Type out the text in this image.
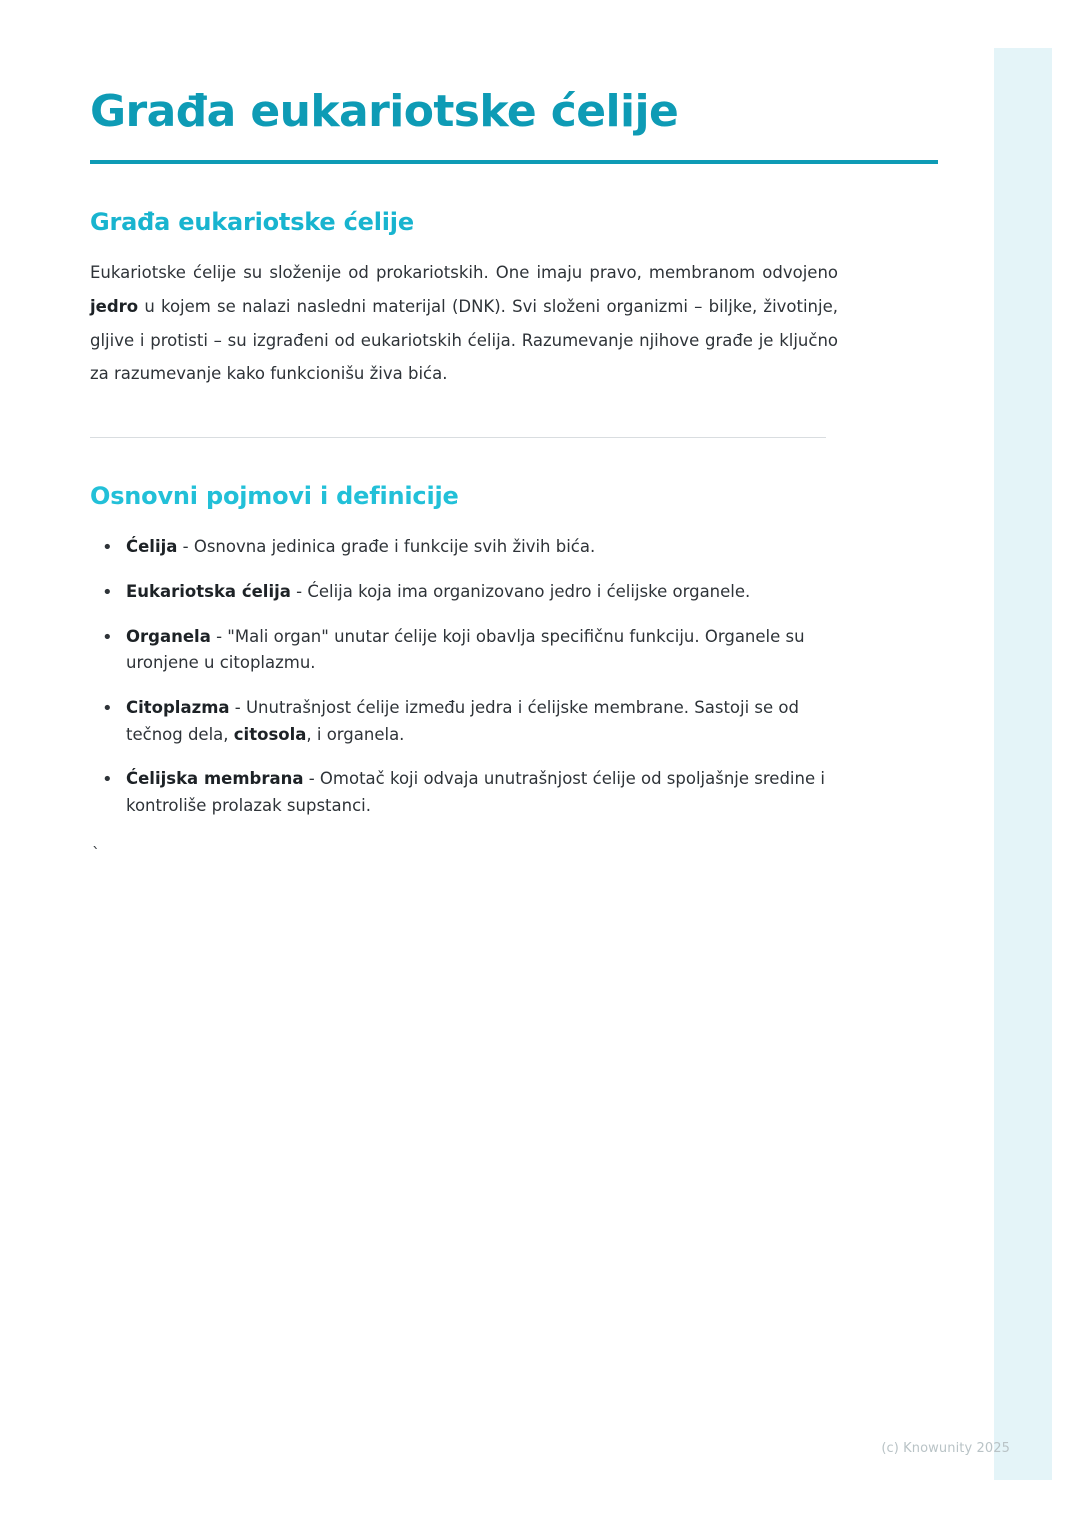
Građa eukariotske ćelije
Građa eukariotske ćelije

Eukariotske ćelije su složenije od prokariotskih. One imaju pravo, membranom odvojeno jedro u kojem se nalazi nasledni materijal (DNK). Svi složeni organizmi – biljke, životinje, gljive i protisti – su izgrađeni od eukariotskih ćelija. Razumevanje njihove građe je ključno za razumevanje kako funkcionišu živa bića.

Osnovni pojmovi i definicije
• Ćelija - Osnovna jedinica građe i funkcije svih živih bića.
• Eukariotska ćelija - Ćelija koja ima organizovano jedro i ćelijske organele.
• Organela - "Mali organ" unutar ćelije koji obavlja specifičnu funkciju. Organele su uronjene u citoplazmu.
• Citoplazma - Unutrašnjost ćelije između jedra i ćelijske membrane. Sastoji se od tečnog dela, citosola, i organela.
• Ćelijska membrana - Omotač koji odvaja unutrašnjost ćelije od spoljašnje sredine i kontroliše prolazak supstanci.
`
(c) Knowunity 2025
